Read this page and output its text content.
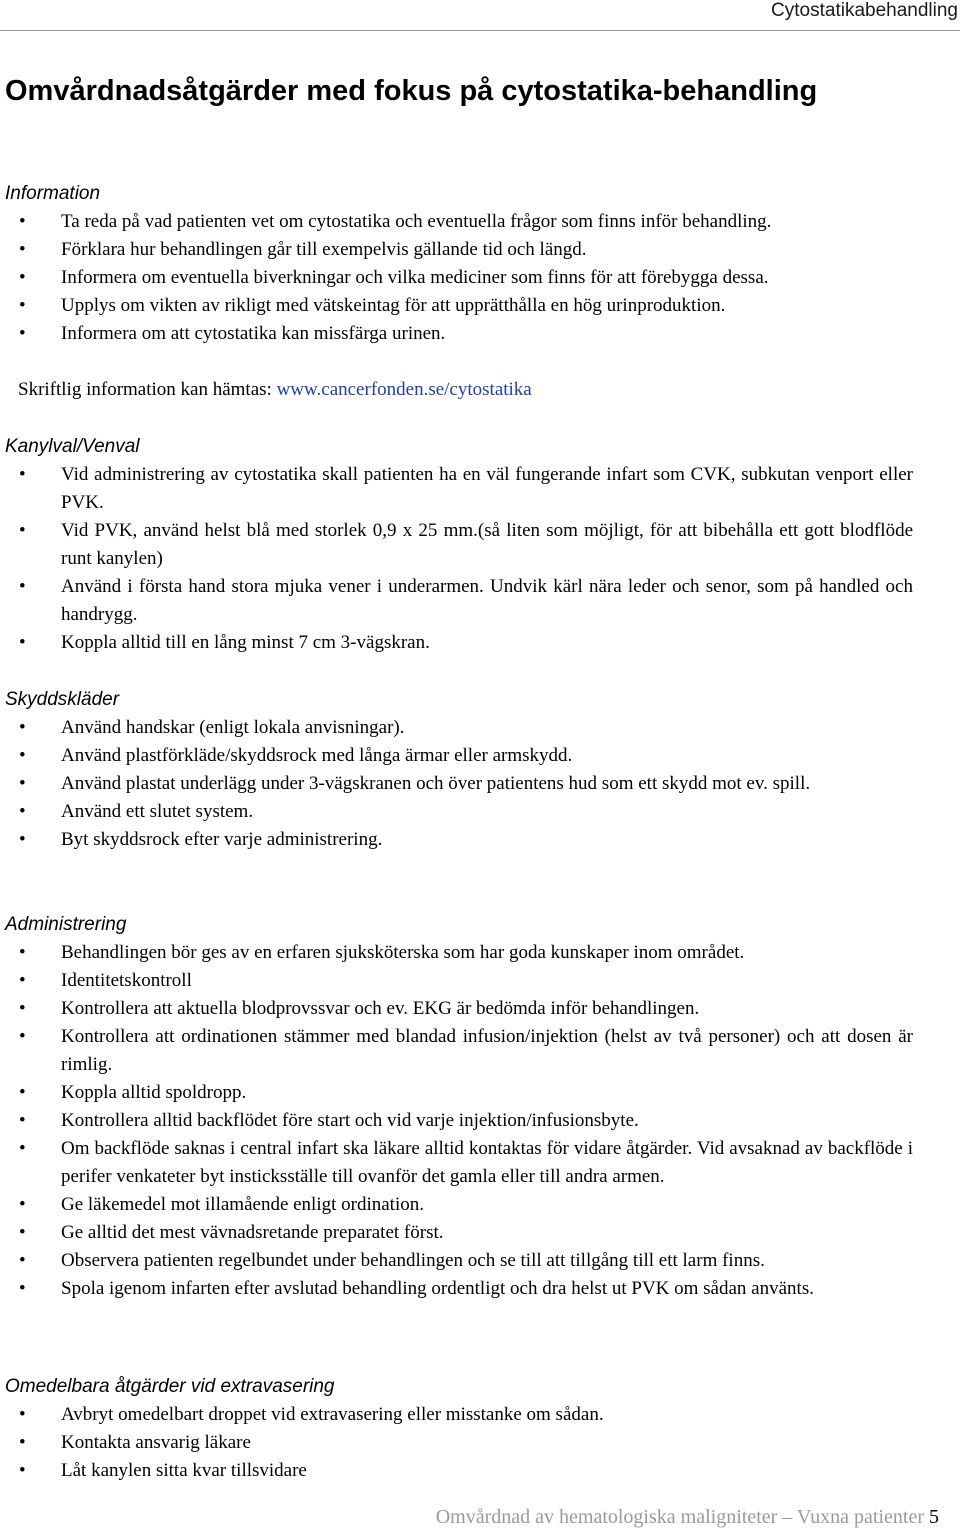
Cytostatikabehandling
Omvårdnadsåtgärder med fokus på cytostatika-behandling
Information
• Ta reda på vad patienten vet om cytostatika och eventuella frågor som finns inför behandling.
• Förklara hur behandlingen går till exempelvis gällande tid och längd.
• Informera om eventuella biverkningar och vilka mediciner som finns för att förebygga dessa.
• Upplys om vikten av rikligt med vätskeintag för att upprätthålla en hög urinproduktion.
• Informera om att cytostatika kan missfärga urinen.
Skriftlig information kan hämtas: www.cancerfonden.se/cytostatika
Kanylval/Venval
• Vid administrering av cytostatika skall patienten ha en väl fungerande infart som CVK, subkutan venport eller PVK.
• Vid PVK, använd helst blå med storlek 0,9 x 25 mm.(så liten som möjligt, för att bibehålla ett gott blodflöde runt kanylen)
• Använd i första hand stora mjuka vener i underarmen. Undvik kärl nära leder och senor, som på handled och handrygg.
• Koppla alltid till en lång minst 7 cm 3-vägskran.
Skyddskläder
• Använd handskar (enligt lokala anvisningar).
• Använd plastförkläde/skyddsrock med långa ärmar eller armskydd.
• Använd plastat underlägg under 3-vägskranen och över patientens hud som ett skydd mot ev. spill.
• Använd ett slutet system.
• Byt skyddsrock efter varje administrering.
Administrering
• Behandlingen bör ges av en erfaren sjuksköterska som har goda kunskaper inom området.
• Identitetskontroll
• Kontrollera att aktuella blodprovssvar och ev. EKG är bedömda inför behandlingen.
• Kontrollera att ordinationen stämmer med blandad infusion/injektion (helst av två personer) och att dosen är rimlig.
• Koppla alltid spoldropp.
• Kontrollera alltid backflödet före start och vid varje injektion/infusionsbyte.
• Om backflöde saknas i central infart ska läkare alltid kontaktas för vidare åtgärder. Vid avsaknad av backflöde i perifer venkateter byt insticksställe till ovanför det gamla eller till andra armen.
• Ge läkemedel mot illamående enligt ordination.
• Ge alltid det mest vävnadsretande preparatet först.
• Observera patienten regelbundet under behandlingen och se till att tillgång till ett larm finns.
• Spola igenom infarten efter avslutad behandling ordentligt och dra helst ut PVK om sådan använts.
Omedelbara åtgärder vid extravasering
• Avbryt omedelbart droppet vid extravasering eller misstanke om sådan.
• Kontakta ansvarig läkare
• Låt kanylen sitta kvar tillsvidare
Omvårdnad av hematologiska maligniteter – Vuxna patienter 5
